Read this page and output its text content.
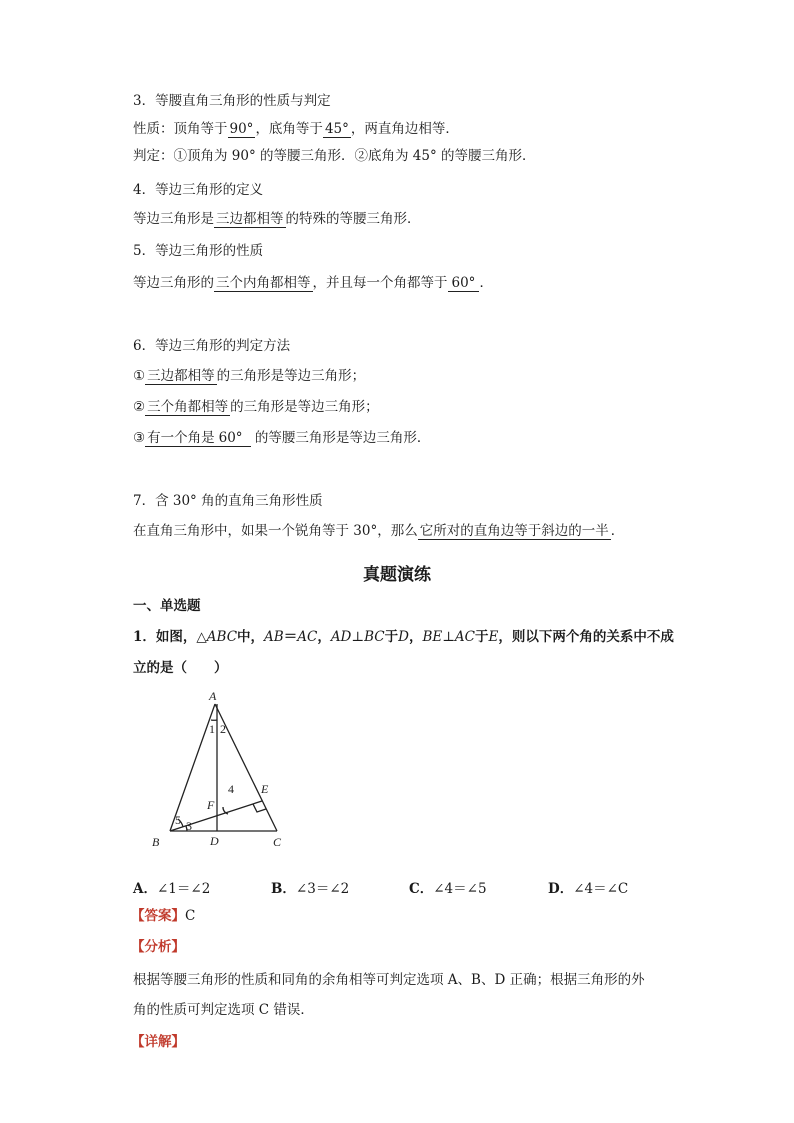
3．等腰直角三角形的性质与判定
性质：顶角等于 90° ，底角等于 45° ，两直角边相等．
判定：①顶角为 90° 的等腰三角形．②底角为 45° 的等腰三角形．
4．等边三角形的定义
等边三角形是 三边都相等 的特殊的等腰三角形．
5．等边三角形的性质
等边三角形的 三个内角都相等 ，并且每一个角都等于 60° ．
6．等边三角形的判定方法
① 三边都相等 的三角形是等边三角形；
② 三个角都相等 的三角形是等边三角形；
③ 有一个角是 60° 的等腰三角形是等边三角形．
7．含 30° 角的直角三角形性质
在直角三角形中，如果一个锐角等于 30°，那么 它所对的直角边等于斜边的一半 ．
真题演练
一、单选题
1．如图，△ABC中，AB＝AC，AD⊥BC于D，BE⊥AC于E，则以下两个角的关系中不成
立的是（　　）
A
B	C
D
E
F
1 2
3
4
5
A．∠1＝∠2	B．∠3＝∠2	C．∠4＝∠5	D．∠4＝∠C
【答案】C
【分析】
根据等腰三角形的性质和同角的余角相等可判定选项 A、B、D 正确；根据三角形的外
角的性质可判定选项 C 错误．
【详解】
